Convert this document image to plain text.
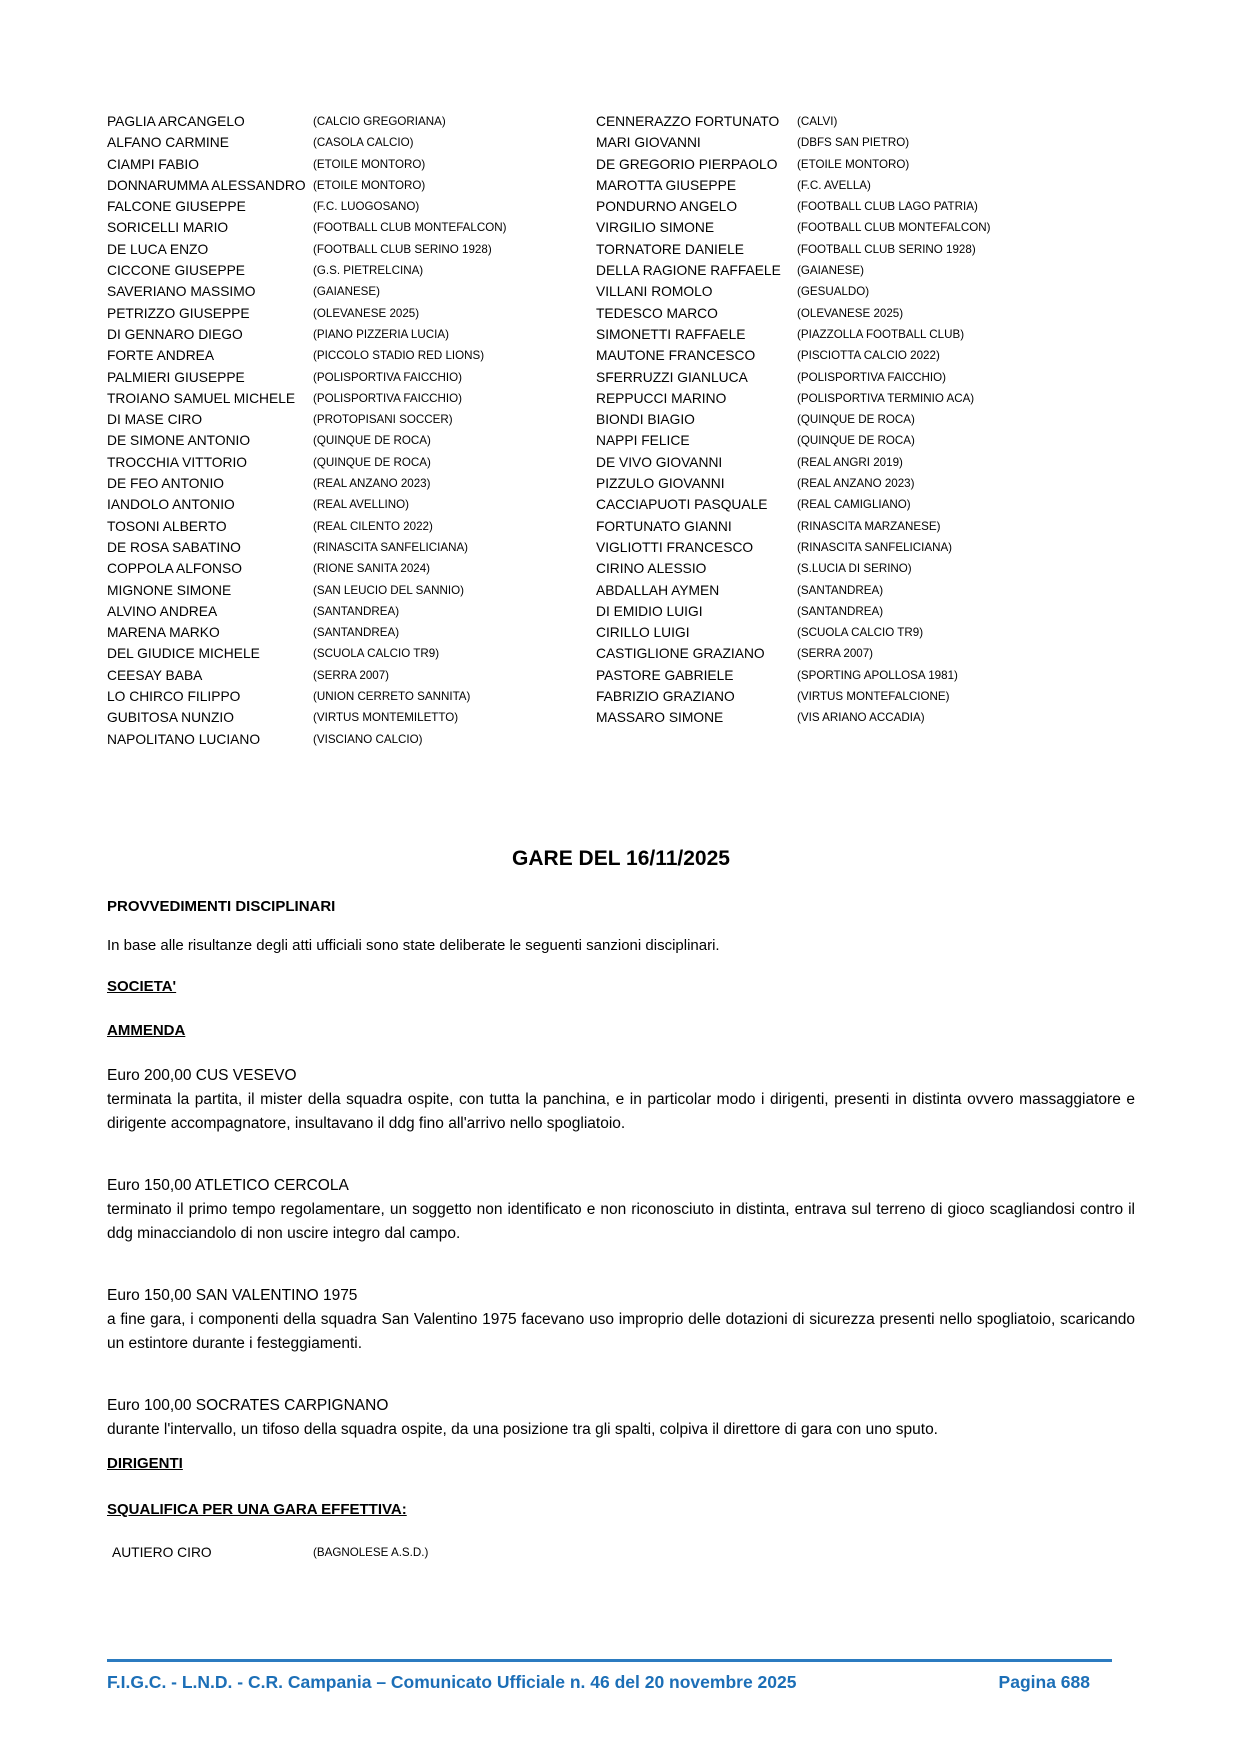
PAGLIA ARCANGELO	(CALCIO GREGORIANA)
ALFANO CARMINE	(CASOLA CALCIO)
CIAMPI FABIO	(ETOILE MONTORO)
DONNARUMMA ALESSANDRO (ETOILE MONTORO)
FALCONE GIUSEPPE	(F.C. LUOGOSANO)
SORICELLI MARIO	(FOOTBALL CLUB MONTEFALCON)
DE LUCA ENZO	(FOOTBALL CLUB SERINO 1928)
CICCONE GIUSEPPE	(G.S. PIETRELCINA)
SAVERIANO MASSIMO	(GAIANESE)
PETRIZZO GIUSEPPE	(OLEVANESE 2025)
DI GENNARO DIEGO	(PIANO PIZZERIA LUCIA)
FORTE ANDREA	(PICCOLO STADIO RED LIONS)
PALMIERI GIUSEPPE	(POLISPORTIVA FAICCHIO)
TROIANO SAMUEL MICHELE	(POLISPORTIVA FAICCHIO)
DI MASE CIRO	(PROTOPISANI SOCCER)
DE SIMONE ANTONIO	(QUINQUE DE ROCA)
TROCCHIA VITTORIO	(QUINQUE DE ROCA)
DE FEO ANTONIO	(REAL ANZANO 2023)
IANDOLO ANTONIO	(REAL AVELLINO)
TOSONI ALBERTO	(REAL CILENTO 2022)
DE ROSA SABATINO	(RINASCITA SANFELICIANA)
COPPOLA ALFONSO	(RIONE SANITA 2024)
MIGNONE SIMONE	(SAN LEUCIO DEL SANNIO)
ALVINO ANDREA	(SANTANDREA)
MARENA MARKO	(SANTANDREA)
DEL GIUDICE MICHELE	(SCUOLA CALCIO TR9)
CEESAY BABA	(SERRA 2007)
LO CHIRCO FILIPPO	(UNION CERRETO SANNITA)
GUBITOSA NUNZIO	(VIRTUS MONTEMILETTO)
NAPOLITANO LUCIANO	(VISCIANO CALCIO)
CENNERAZZO FORTUNATO	(CALVI)
MARI GIOVANNI	(DBFS SAN PIETRO)
DE GREGORIO PIERPAOLO	(ETOILE MONTORO)
MAROTTA GIUSEPPE	(F.C. AVELLA)
PONDURNO ANGELO	(FOOTBALL CLUB LAGO PATRIA)
VIRGILIO SIMONE	(FOOTBALL CLUB MONTEFALCON)
TORNATORE DANIELE	(FOOTBALL CLUB SERINO 1928)
DELLA RAGIONE RAFFAELE	(GAIANESE)
VILLANI ROMOLO	(GESUALDO)
TEDESCO MARCO	(OLEVANESE 2025)
SIMONETTI RAFFAELE	(PIAZZOLLA FOOTBALL CLUB)
MAUTONE FRANCESCO	(PISCIOTTA CALCIO 2022)
SFERRUZZI GIANLUCA	(POLISPORTIVA FAICCHIO)
REPPUCCI MARINO	(POLISPORTIVA TERMINIO ACA)
BIONDI BIAGIO	(QUINQUE DE ROCA)
NAPPI FELICE	(QUINQUE DE ROCA)
DE VIVO GIOVANNI	(REAL ANGRI 2019)
PIZZULO GIOVANNI	(REAL ANZANO 2023)
CACCIAPUOTI PASQUALE	(REAL CAMIGLIANO)
FORTUNATO GIANNI	(RINASCITA MARZANESE)
VIGLIOTTI FRANCESCO	(RINASCITA SANFELICIANA)
CIRINO ALESSIO	(S.LUCIA DI SERINO)
ABDALLAH AYMEN	(SANTANDREA)
DI EMIDIO LUIGI	(SANTANDREA)
CIRILLO LUIGI	(SCUOLA CALCIO TR9)
CASTIGLIONE GRAZIANO	(SERRA 2007)
PASTORE GABRIELE	(SPORTING APOLLOSA 1981)
FABRIZIO GRAZIANO	(VIRTUS MONTEFALCIONE)
MASSARO SIMONE	(VIS ARIANO ACCADIA)
GARE DEL 16/11/2025
PROVVEDIMENTI DISCIPLINARI
In base alle risultanze degli atti ufficiali sono state deliberate le seguenti sanzioni disciplinari.
SOCIETA'
AMMENDA
Euro 200,00 CUS VESEVO

terminata la partita, il mister della squadra ospite, con tutta la panchina, e in particolar modo i dirigenti, presenti in distinta ovvero massaggiatore e dirigente accompagnatore, insultavano il ddg fino all'arrivo nello spogliatoio.

Euro 150,00 ATLETICO CERCOLA

terminato il primo tempo regolamentare, un soggetto non identificato e non riconosciuto in distinta, entrava sul terreno di gioco scagliandosi contro il ddg minacciandolo di non uscire integro dal campo.

Euro 150,00 SAN VALENTINO 1975

a fine gara, i componenti della squadra San Valentino 1975 facevano uso improprio delle dotazioni di sicurezza presenti nello spogliatoio, scaricando un estintore durante i festeggiamenti.

Euro 100,00 SOCRATES CARPIGNANO

durante l'intervallo, un tifoso della squadra ospite, da una posizione tra gli spalti, colpiva il direttore di gara con uno sputo.

DIRIGENTI
SQUALIFICA PER UNA GARA EFFETTIVA:
AUTIERO CIRO	(BAGNOLESE A.S.D.)
F.I.G.C. - L.N.D. - C.R. Campania – Comunicato Ufficiale n. 46 del 20 novembre 2025	Pagina 688
